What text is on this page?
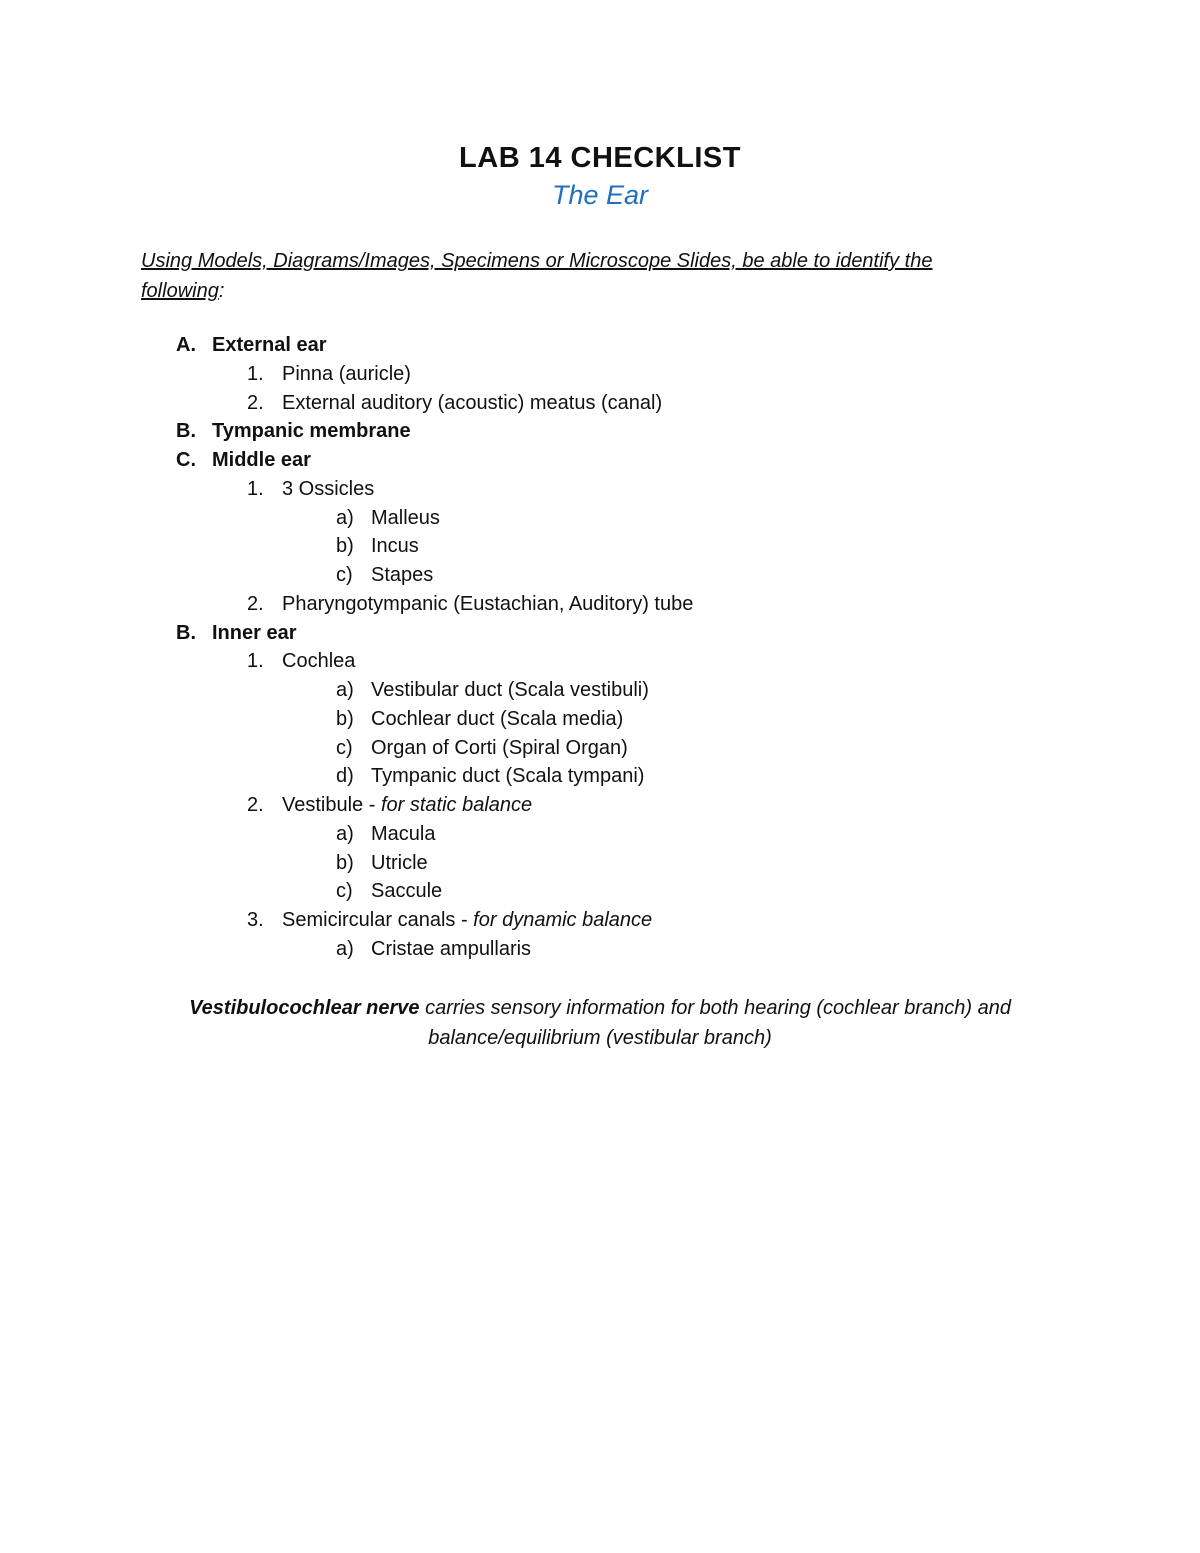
LAB 14 CHECKLIST
The Ear
Using Models, Diagrams/Images, Specimens or Microscope Slides, be able to identify the following:
A. External ear
1. Pinna (auricle)
2. External auditory (acoustic) meatus (canal)
B. Tympanic membrane
C. Middle ear
1. 3 Ossicles
a) Malleus
b) Incus
c) Stapes
2. Pharyngotympanic (Eustachian, Auditory) tube
B. Inner ear
1. Cochlea
a) Vestibular duct (Scala vestibuli)
b) Cochlear duct (Scala media)
c) Organ of Corti (Spiral Organ)
d) Tympanic duct (Scala tympani)
2. Vestibule - for static balance
a) Macula
b) Utricle
c) Saccule
3. Semicircular canals - for dynamic balance
a) Cristae ampullaris
Vestibulocochlear nerve carries sensory information for both hearing (cochlear branch) and balance/equilibrium (vestibular branch)
